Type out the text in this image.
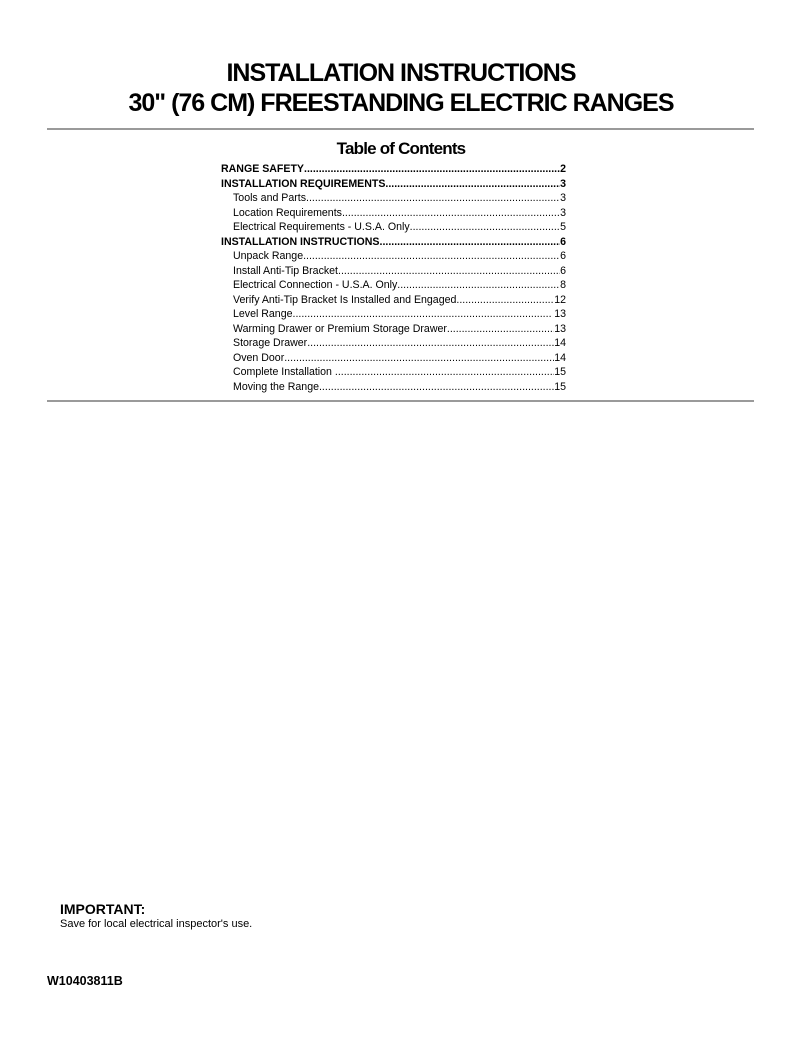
INSTALLATION INSTRUCTIONS
30" (76 CM) FREESTANDING ELECTRIC RANGES
Table of Contents
RANGE SAFETY .....	2
INSTALLATION REQUIREMENTS .....	3
Tools and Parts .....	3
Location Requirements .....	3
Electrical Requirements - U.S.A. Only .....	5
INSTALLATION INSTRUCTIONS .....	6
Unpack Range .....	6
Install Anti-Tip Bracket .....	6
Electrical Connection - U.S.A. Only .....	8
Verify Anti-Tip Bracket Is Installed and Engaged .....	12
Level Range .....	13
Warming Drawer or Premium Storage Drawer .....	13
Storage Drawer .....	14
Oven Door .....	14
Complete Installation .....	15
Moving the Range .....	15
IMPORTANT:
Save for local electrical inspector's use.
W10403811B
